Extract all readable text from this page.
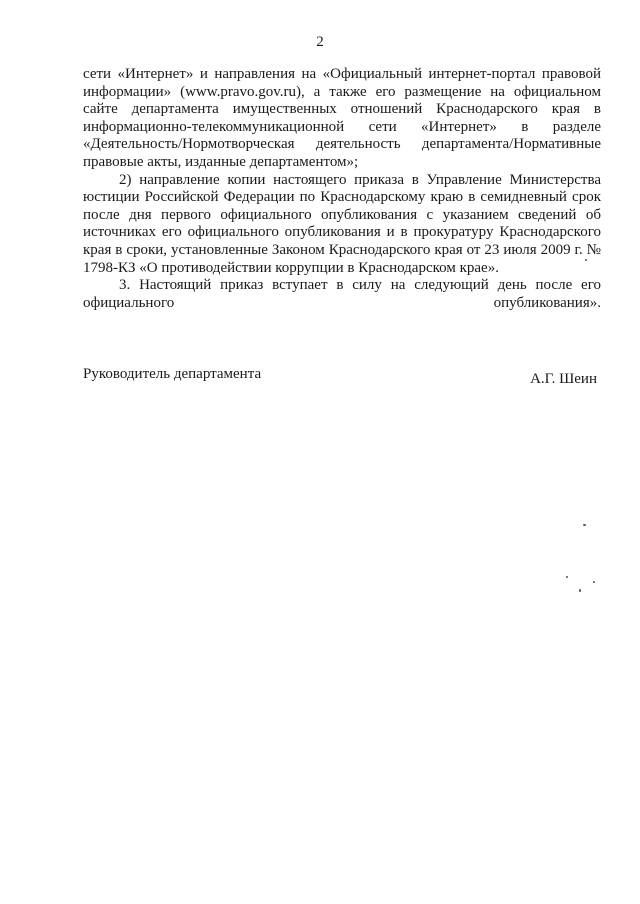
2

сети «Интернет» и направления на «Официальный интернет-портал правовой информации» (www.pravo.gov.ru), а также его размещение на официальном сайте департамента имущественных отношений Краснодарского края в информационно-телекоммуникационной сети «Интернет» в разделе «Деятельность/Нормотворческая деятельность департамента/Нормативные правовые акты, изданные департаментом»;

2) направление копии настоящего приказа в Управление Министерства юстиции Российской Федерации по Краснодарскому краю в семидневный срок после дня первого официального опубликования с указанием сведений об источниках его официального опубликования и в прокуратуру Краснодарского края в сроки, установленные Законом Краснодарского края от 23 июля 2009 г. № 1798-КЗ «О противодействии коррупции в Краснодарском крае».

3. Настоящий приказ вступает в силу на следующий день после его официального опубликования».

Руководитель департамента	А.Г. Шеин
